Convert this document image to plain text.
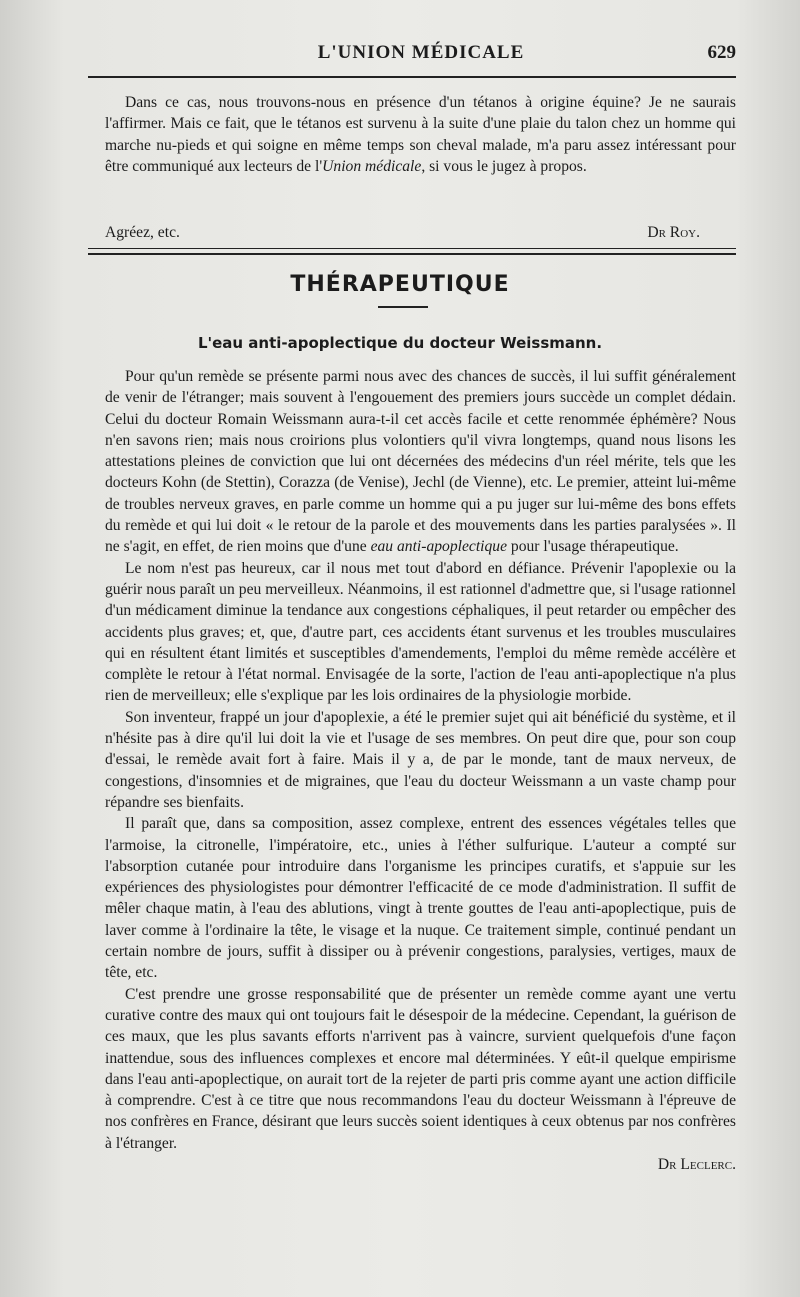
L'UNION MÉDICALE	629

Dans ce cas, nous trouvons-nous en présence d'un tétanos à origine équine? Je ne saurais l'affirmer. Mais ce fait, que le tétanos est survenu à la suite d'une plaie du talon chez un homme qui marche nu-pieds et qui soigne en même temps son cheval malade, m'a paru assez intéressant pour être communiqué aux lecteurs de l'Union médicale, si vous le jugez à propos.

Agréez, etc.	Dr Roy.
THÉRAPEUTIQUE
L'eau anti-apoplectique du docteur Weissmann.

Pour qu'un remède se présente parmi nous avec des chances de succès, il lui suffit généralement de venir de l'étranger; mais souvent à l'engouement des premiers jours succède un complet dédain. Celui du docteur Romain Weissmann aura-t-il cet accès facile et cette renommée éphémère? Nous n'en savons rien; mais nous croirions plus volontiers qu'il vivra longtemps, quand nous lisons les attestations pleines de conviction que lui ont décernées des médecins d'un réel mérite, tels que les docteurs Kohn (de Stettin), Corazza (de Venise), Jechl (de Vienne), etc. Le premier, atteint lui-même de troubles nerveux graves, en parle comme un homme qui a pu juger sur lui-même des bons effets du remède et qui lui doit « le retour de la parole et des mouvements dans les parties paralysées ». Il ne s'agit, en effet, de rien moins que d'une eau anti-apoplectique pour l'usage thérapeutique.

Le nom n'est pas heureux, car il nous met tout d'abord en défiance. Prévenir l'apoplexie ou la guérir nous paraît un peu merveilleux. Néanmoins, il est rationnel d'admettre que, si l'usage rationnel d'un médicament diminue la tendance aux congestions céphaliques, il peut retarder ou empêcher des accidents plus graves; et, que, d'autre part, ces accidents étant survenus et les troubles musculaires qui en résultent étant limités et susceptibles d'amendements, l'emploi du même remède accélère et complète le retour à l'état normal. Envisagée de la sorte, l'action de l'eau anti-apoplectique n'a plus rien de merveilleux; elle s'explique par les lois ordinaires de la physiologie morbide.

Son inventeur, frappé un jour d'apoplexie, a été le premier sujet qui ait bénéficié du système, et il n'hésite pas à dire qu'il lui doit la vie et l'usage de ses membres. On peut dire que, pour son coup d'essai, le remède avait fort à faire. Mais il y a, de par le monde, tant de maux nerveux, de congestions, d'insomnies et de migraines, que l'eau du docteur Weissmann a un vaste champ pour répandre ses bienfaits.

Il paraît que, dans sa composition, assez complexe, entrent des essences végétales telles que l'armoise, la citronelle, l'impératoire, etc., unies à l'éther sulfurique. L'auteur a compté sur l'absorption cutanée pour introduire dans l'organisme les principes curatifs, et s'appuie sur les expériences des physiologistes pour démontrer l'efficacité de ce mode d'administration. Il suffit de mêler chaque matin, à l'eau des ablutions, vingt à trente gouttes de l'eau anti-apoplectique, puis de laver comme à l'ordinaire la tête, le visage et la nuque. Ce traitement simple, continué pendant un certain nombre de jours, suffit à dissiper ou à prévenir congestions, paralysies, vertiges, maux de tête, etc.

C'est prendre une grosse responsabilité que de présenter un remède comme ayant une vertu curative contre des maux qui ont toujours fait le désespoir de la médecine. Cependant, la guérison de ces maux, que les plus savants efforts n'arrivent pas à vaincre, survient quelquefois d'une façon inattendue, sous des influences complexes et encore mal déterminées. Y eût-il quelque empirisme dans l'eau anti-apoplectique, on aurait tort de la rejeter de parti pris comme ayant une action difficile à comprendre. C'est à ce titre que nous recommandons l'eau du docteur Weissmann à l'épreuve de nos confrères en France, désirant que leurs succès soient identiques à ceux obtenus par nos confrères à l'étranger.

Dr Leclerc.
